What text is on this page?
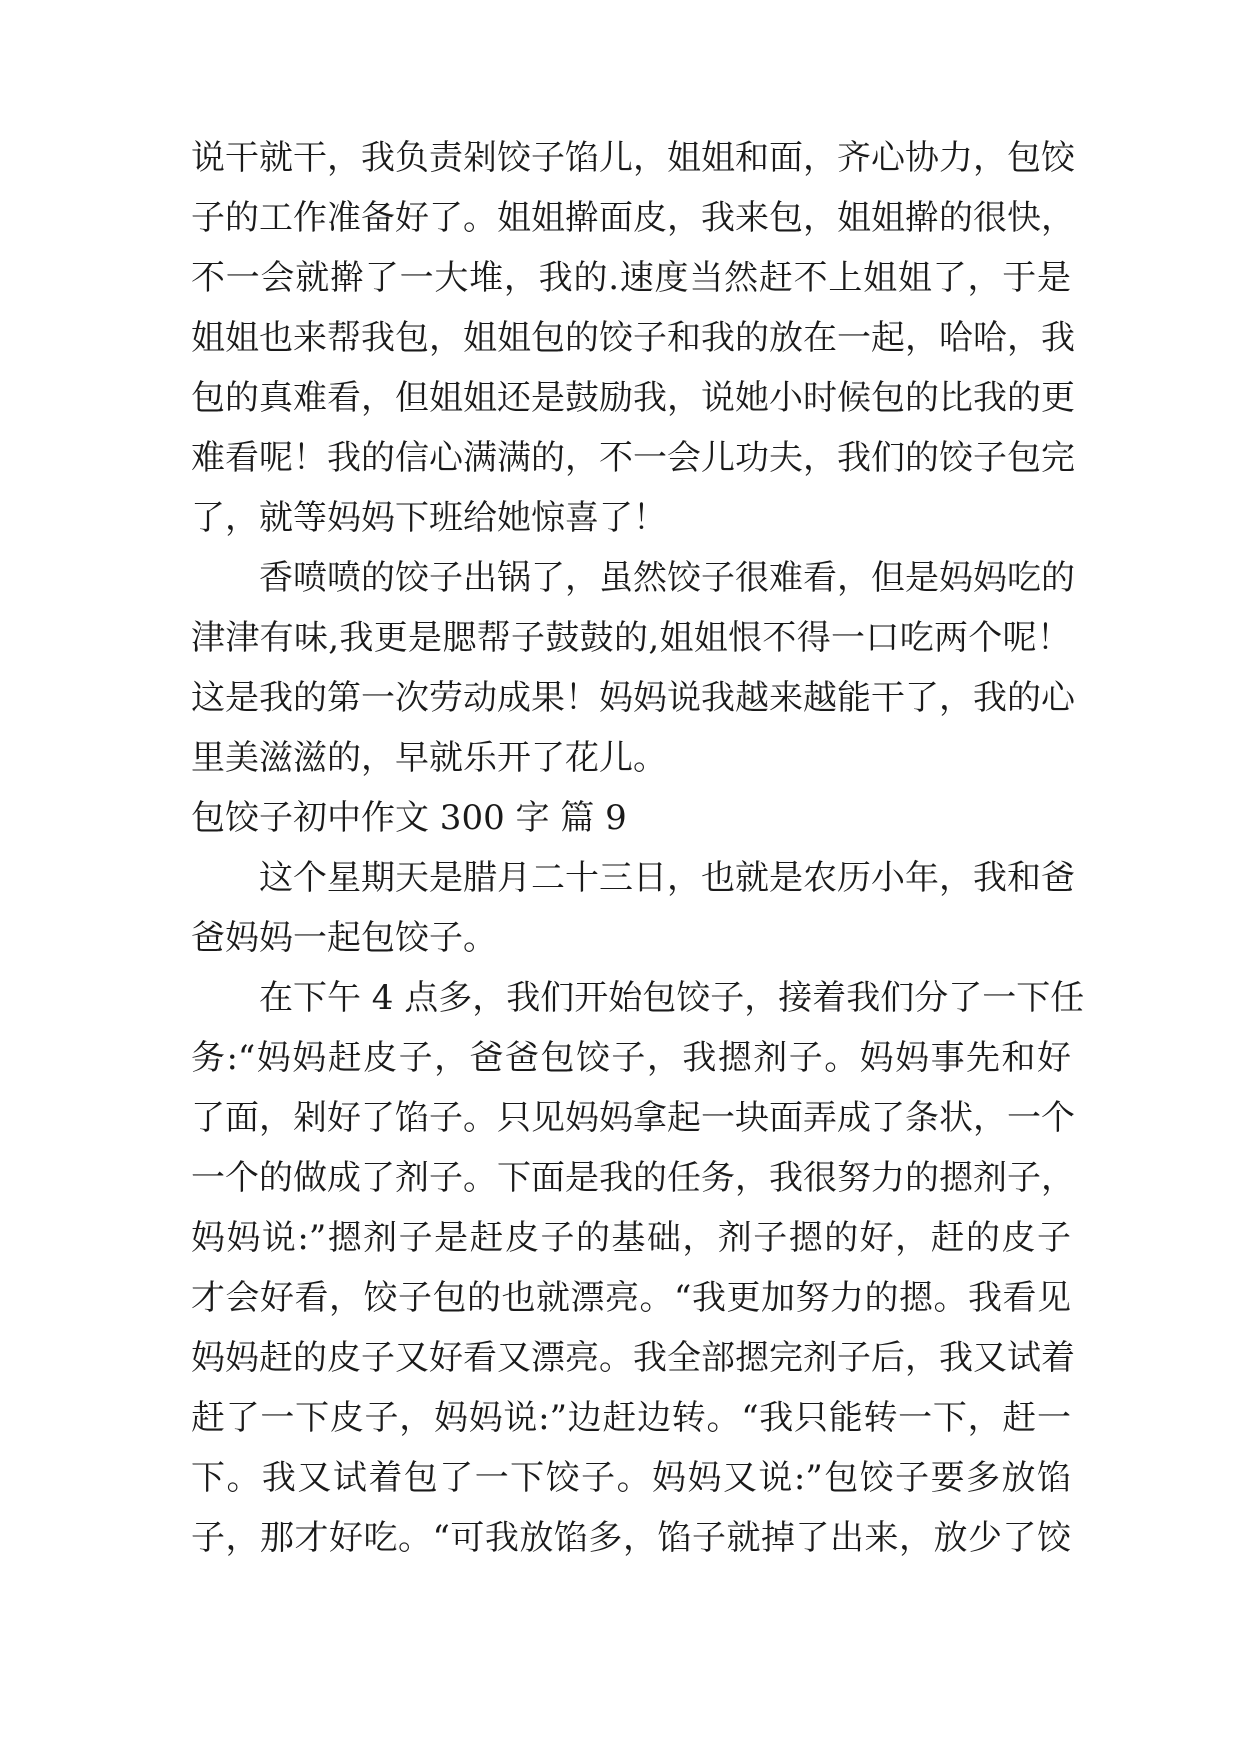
说干就干，我负责剁饺子馅儿，姐姐和面，齐心协力，包饺
子的工作准备好了。姐姐擀面皮，我来包，姐姐擀的很快，
不一会就擀了一大堆，我的.速度当然赶不上姐姐了，于是
姐姐也来帮我包，姐姐包的饺子和我的放在一起，哈哈，我
包的真难看，但姐姐还是鼓励我，说她小时候包的比我的更
难看呢！我的信心满满的，不一会儿功夫，我们的饺子包完
了，就等妈妈下班给她惊喜了！
香喷喷的饺子出锅了，虽然饺子很难看，但是妈妈吃的
津津有味,我更是腮帮子鼓鼓的,姐姐恨不得一口吃两个呢！
这是我的第一次劳动成果！妈妈说我越来越能干了，我的心
里美滋滋的，早就乐开了花儿。
包饺子初中作文 300 字 篇 9
这个星期天是腊月二十三日，也就是农历小年，我和爸
爸妈妈一起包饺子。
在下午 4 点多，我们开始包饺子，接着我们分了一下任
务:“妈妈赶皮子，爸爸包饺子，我摁剂子。妈妈事先和好
了面，剁好了馅子。只见妈妈拿起一块面弄成了条状，一个
一个的做成了剂子。下面是我的任务，我很努力的摁剂子，
妈妈说:”摁剂子是赶皮子的基础，剂子摁的好，赶的皮子
才会好看，饺子包的也就漂亮。“我更加努力的摁。我看见
妈妈赶的皮子又好看又漂亮。我全部摁完剂子后，我又试着
赶了一下皮子，妈妈说:”边赶边转。“我只能转一下，赶一
下。我又试着包了一下饺子。妈妈又说:”包饺子要多放馅
子，那才好吃。“可我放馅多，馅子就掉了出来，放少了饺
